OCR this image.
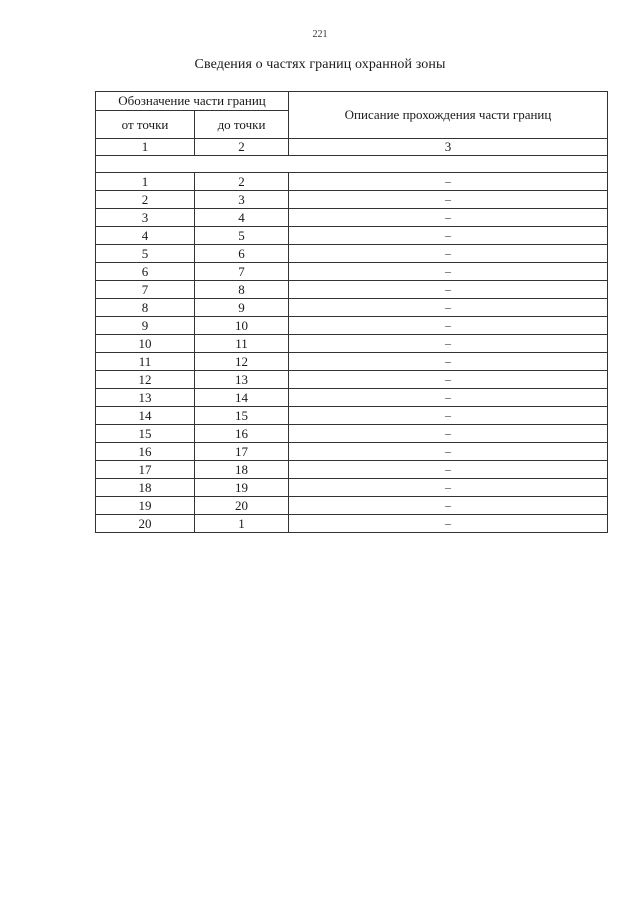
221
Сведения о частях границ охранной зоны
Обозначение части границ		Описание прохождения части границ
от точки	до точки	
1	2	3

1	2	–
2	3	–
3	4	–
4	5	–
5	6	–
6	7	–
7	8	–
8	9	–
9	10	–
10	11	–
11	12	–
12	13	–
13	14	–
14	15	–
15	16	–
16	17	–
17	18	–
18	19	–
19	20	–
20	1	–
